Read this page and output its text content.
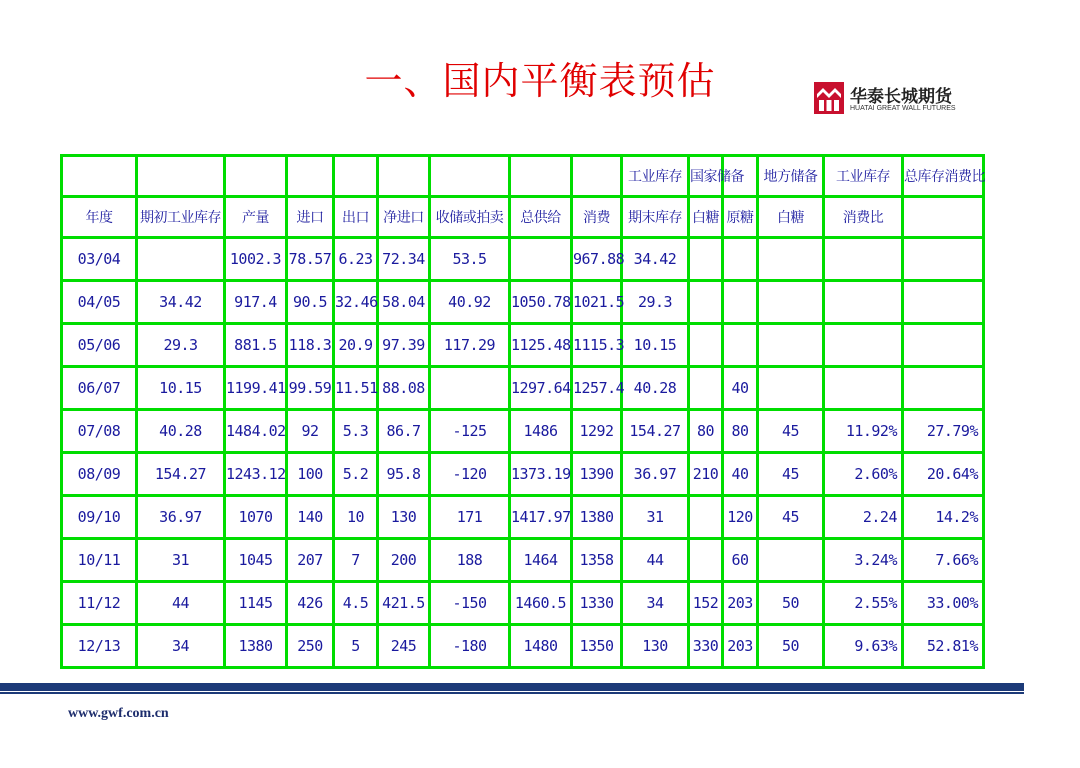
一、国内平衡表预估	华泰长城期货
HUATAI GREAT WALL FUTURES
									工业库存	国家储备		地方储备	工业库存	总库存消费比
年度	期初工业库存	产量	进口	出口	净进口	收储或拍卖	总供给	消费	期末库存	白糖	原糖	白糖	消费比	
03/04		1002.3	78.57	6.23	72.34	53.5		967.88	34.42					
04/05	34.42	917.4	90.5	32.46	58.04	40.92	1050.78	1021.5	29.3					
05/06	29.3	881.5	118.3	20.9	97.39	117.29	1125.48	1115.3	10.15					
06/07	10.15	1199.41	99.59	11.51	88.08		1297.64	1257.4	40.28		40			
07/08	40.28	1484.02	92	5.3	86.7	-125	1486	1292	154.27	80	80	45	11.92%	27.79%
08/09	154.27	1243.12	100	5.2	95.8	-120	1373.19	1390	36.97	210	40	45	2.60%	20.64%
09/10	36.97	1070	140	10	130	171	1417.97	1380	31		120	45	2.24	14.2%
10/11	31	1045	207	7	200	188	1464	1358	44		60		3.24%	7.66%
11/12	44	1145	426	4.5	421.5	-150	1460.5	1330	34	152	203	50	2.55%	33.00%
12/13	34	1380	250	5	245	-180	1480	1350	130	330	203	50	9.63%	52.81%
www.gwf.com.cn
